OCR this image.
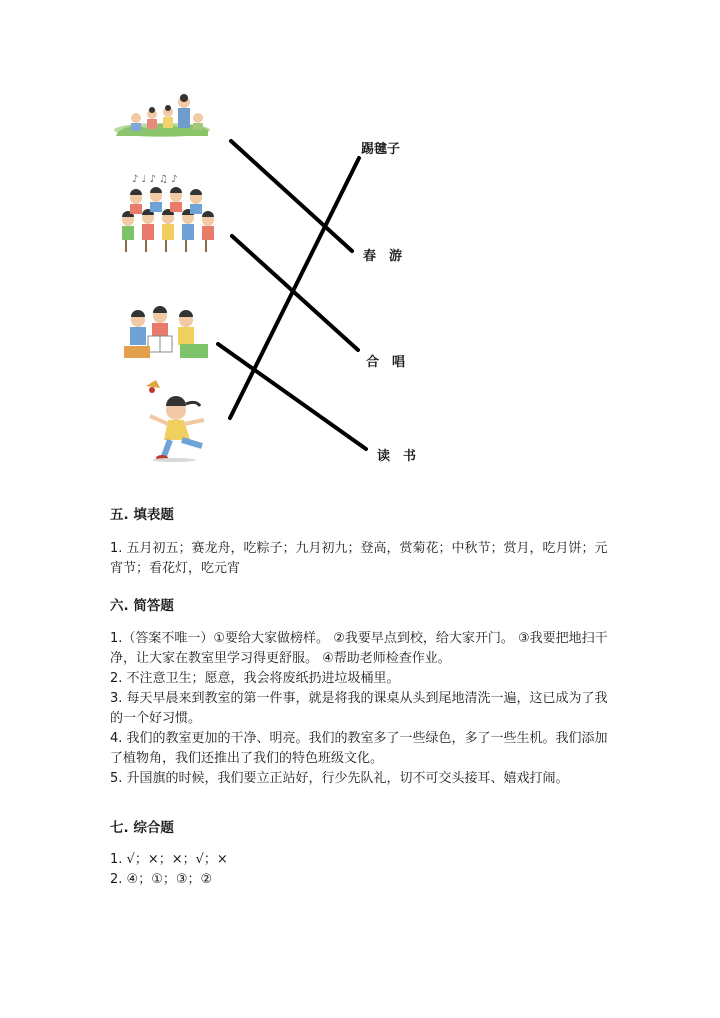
♪ ♩ ♪ ♫ ♪
踢毽子
春　游
合　唱
读　书
五. 填表题

1. 五月初五；赛龙舟，吃粽子；九月初九；登高，赏菊花；中秋节；赏月，吃月饼；元宵节；看花灯，吃元宵

六. 简答题

1.（答案不唯一）①要给大家做榜样。 ②我要早点到校，给大家开门。 ③我要把地扫干净，让大家在教室里学习得更舒服。 ④帮助老师检查作业。

2. 不注意卫生；愿意，我会将废纸扔进垃圾桶里。

3. 每天早晨来到教室的第一件事，就是将我的课桌从头到尾地清洗一遍，这已成为了我的一个好习惯。

4. 我们的教室更加的干净、明亮。我们的教室多了一些绿色，多了一些生机。我们添加了植物角，我们还推出了我们的特色班级文化。

5. 升国旗的时候，我们要立正站好，行少先队礼，切不可交头接耳、嬉戏打闹。

七. 综合题

1. √；×；×；√；×

2. ④；①；③；②
